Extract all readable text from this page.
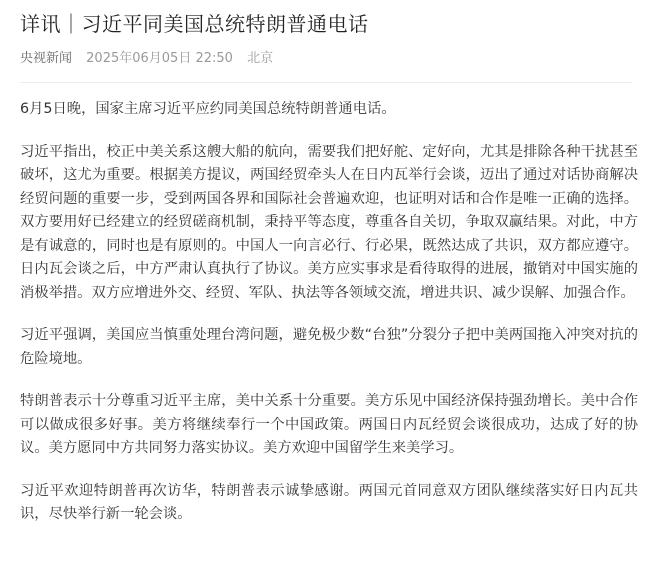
详讯｜习近平同美国总统特朗普通电话
央视新闻 2025年06月05日 22:50 北京

6月5日晚，国家主席习近平应约同美国总统特朗普通电话。

习近平指出，校正中美关系这艘大船的航向，需要我们把好舵、定好向，尤其是排除各种干扰甚至破坏，这尤为重要。根据美方提议，两国经贸牵头人在日内瓦举行会谈，迈出了通过对话协商解决经贸问题的重要一步，受到两国各界和国际社会普遍欢迎，也证明对话和合作是唯一正确的选择。双方要用好已经建立的经贸磋商机制，秉持平等态度，尊重各自关切，争取双赢结果。对此，中方是有诚意的，同时也是有原则的。中国人一向言必行、行必果，既然达成了共识，双方都应遵守。日内瓦会谈之后，中方严肃认真执行了协议。美方应实事求是看待取得的进展，撤销对中国实施的消极举措。双方应增进外交、经贸、军队、执法等各领域交流，增进共识、减少误解、加强合作。

习近平强调，美国应当慎重处理台湾问题，避免极少数“台独”分裂分子把中美两国拖入冲突对抗的危险境地。

特朗普表示十分尊重习近平主席，美中关系十分重要。美方乐见中国经济保持强劲增长。美中合作可以做成很多好事。美方将继续奉行一个中国政策。两国日内瓦经贸会谈很成功，达成了好的协议。美方愿同中方共同努力落实协议。美方欢迎中国留学生来美学习。

习近平欢迎特朗普再次访华，特朗普表示诚挚感谢。两国元首同意双方团队继续落实好日内瓦共识，尽快举行新一轮会谈。
